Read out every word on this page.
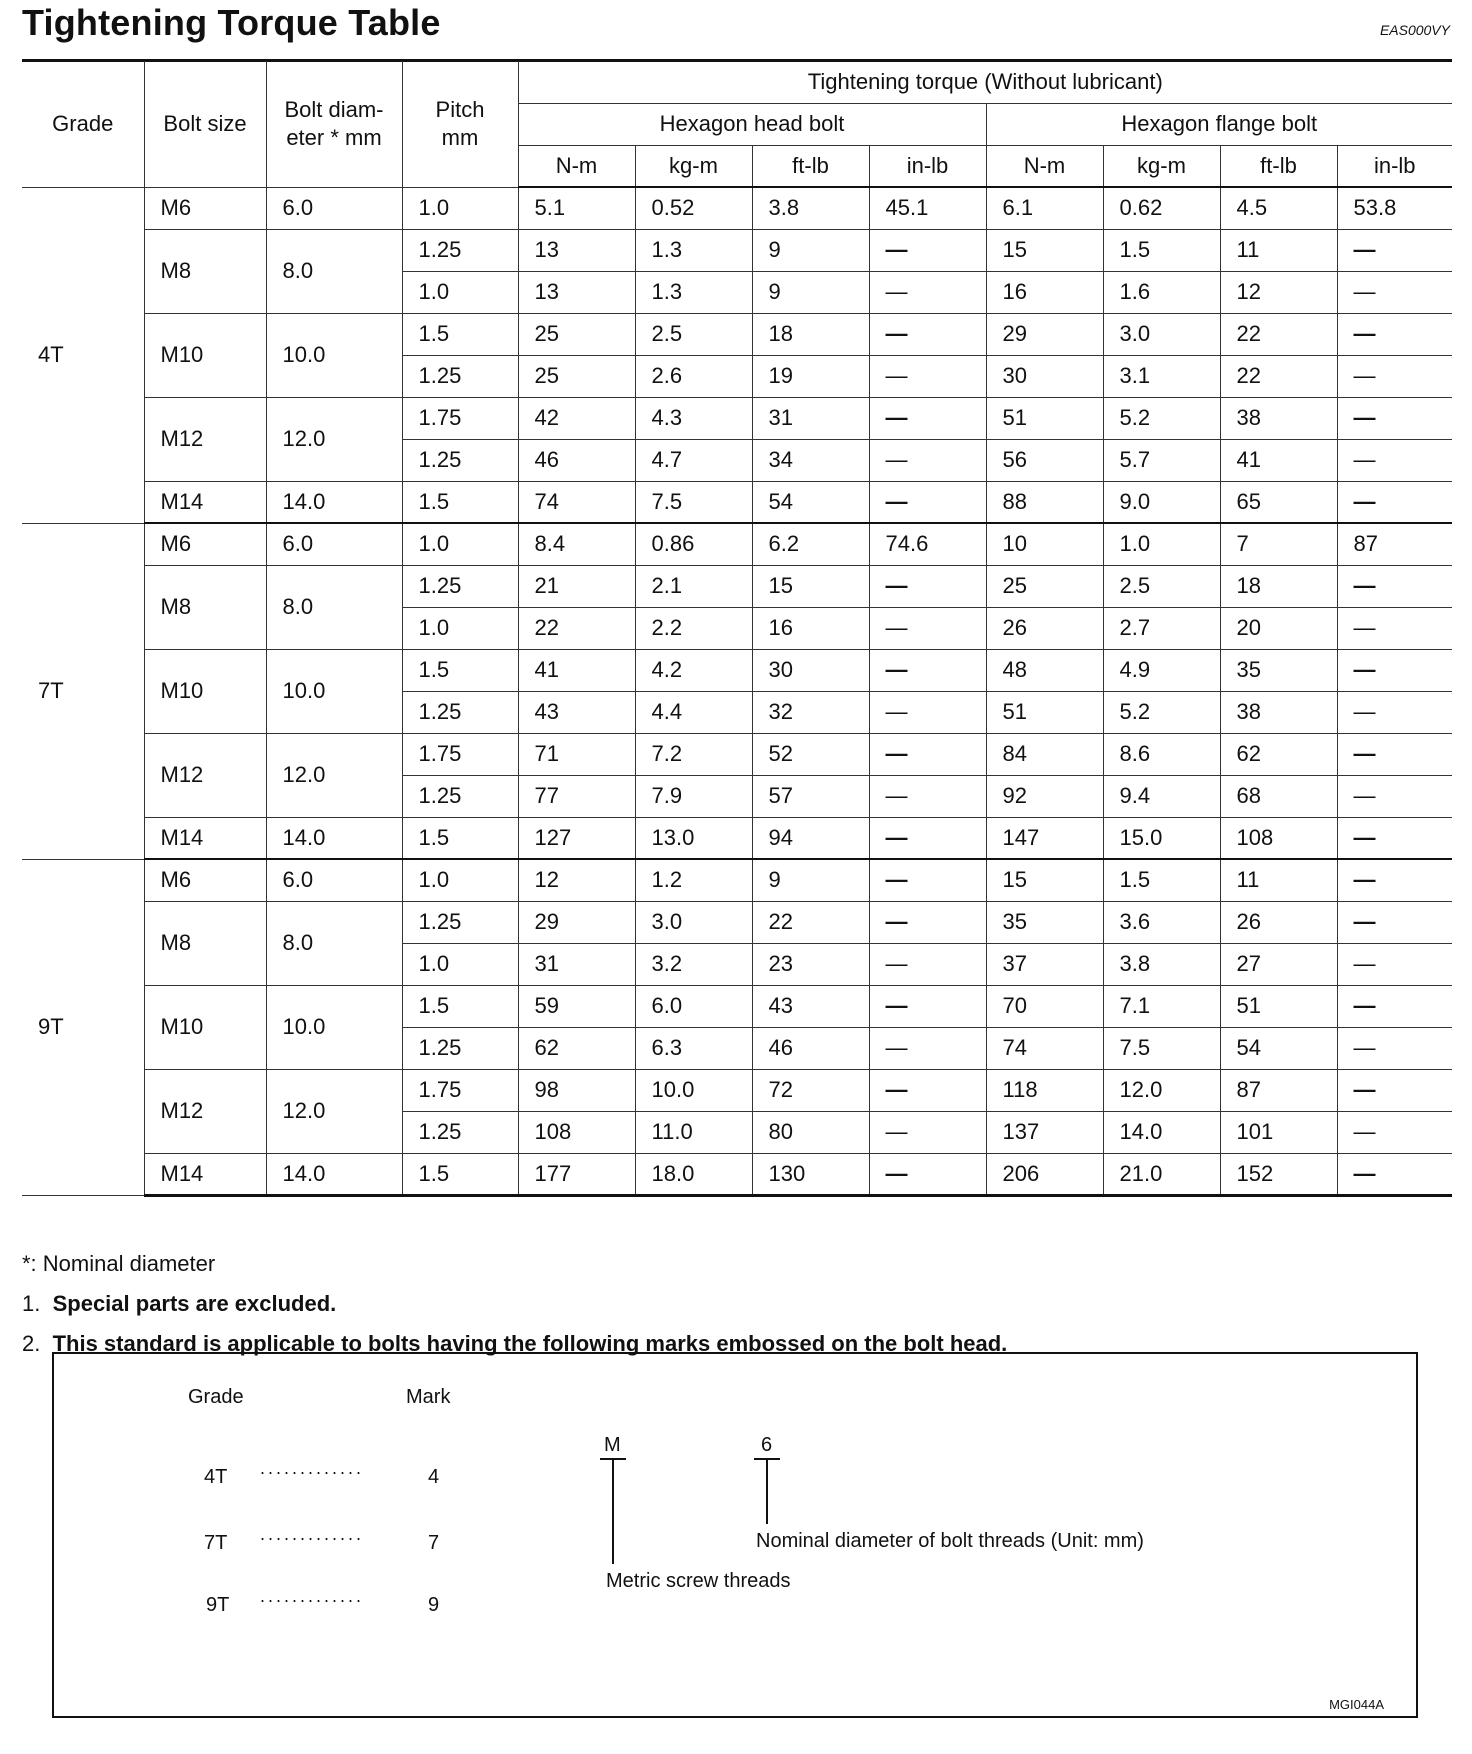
Tightening Torque Table	EAS000VY
Grade	Bolt size	Bolt diam- eter * mm	Pitch mm	Tightening torque (Without lubricant)							
				Hexagon head bolt				Hexagon flange bolt			
				N-m	kg-m	ft-lb	in-lb	N-m	kg-m	ft-lb	in-lb
4T	M6	6.0	1.0	5.1	0.52	3.8	45.1	6.1	0.62	4.5	53.8
	M8	8.0	1.25	13	1.3	9	—	15	1.5	11	—
			1.0	13	1.3	9	—	16	1.6	12	—
	M10	10.0	1.5	25	2.5	18	—	29	3.0	22	—
			1.25	25	2.6	19	—	30	3.1	22	—
	M12	12.0	1.75	42	4.3	31	—	51	5.2	38	—
			1.25	46	4.7	34	—	56	5.7	41	—
	M14	14.0	1.5	74	7.5	54	—	88	9.0	65	—
7T	M6	6.0	1.0	8.4	0.86	6.2	74.6	10	1.0	7	87
	M8	8.0	1.25	21	2.1	15	—	25	2.5	18	—
			1.0	22	2.2	16	—	26	2.7	20	—
	M10	10.0	1.5	41	4.2	30	—	48	4.9	35	—
			1.25	43	4.4	32	—	51	5.2	38	—
	M12	12.0	1.75	71	7.2	52	—	84	8.6	62	—
			1.25	77	7.9	57	—	92	9.4	68	—
	M14	14.0	1.5	127	13.0	94	—	147	15.0	108	—
9T	M6	6.0	1.0	12	1.2	9	—	15	1.5	11	—
	M8	8.0	1.25	29	3.0	22	—	35	3.6	26	—
			1.0	31	3.2	23	—	37	3.8	27	—
	M10	10.0	1.5	59	6.0	43	—	70	7.1	51	—
			1.25	62	6.3	46	—	74	7.5	54	—
	M12	12.0	1.75	98	10.0	72	—	118	12.0	87	—
			1.25	108	11.0	80	—	137	14.0	101	—
	M14	14.0	1.5	177	18.0	130	—	206	21.0	152	—
*: Nominal diameter
1. Special parts are excluded.
2. This standard is applicable to bolts having the following marks embossed on the bolt head.
Grade	Mark
4T .............	4
7T .............	7
9T .............	9
M
Metric screw threads
6
Nominal diameter of bolt threads (Unit: mm)
MGI044A
